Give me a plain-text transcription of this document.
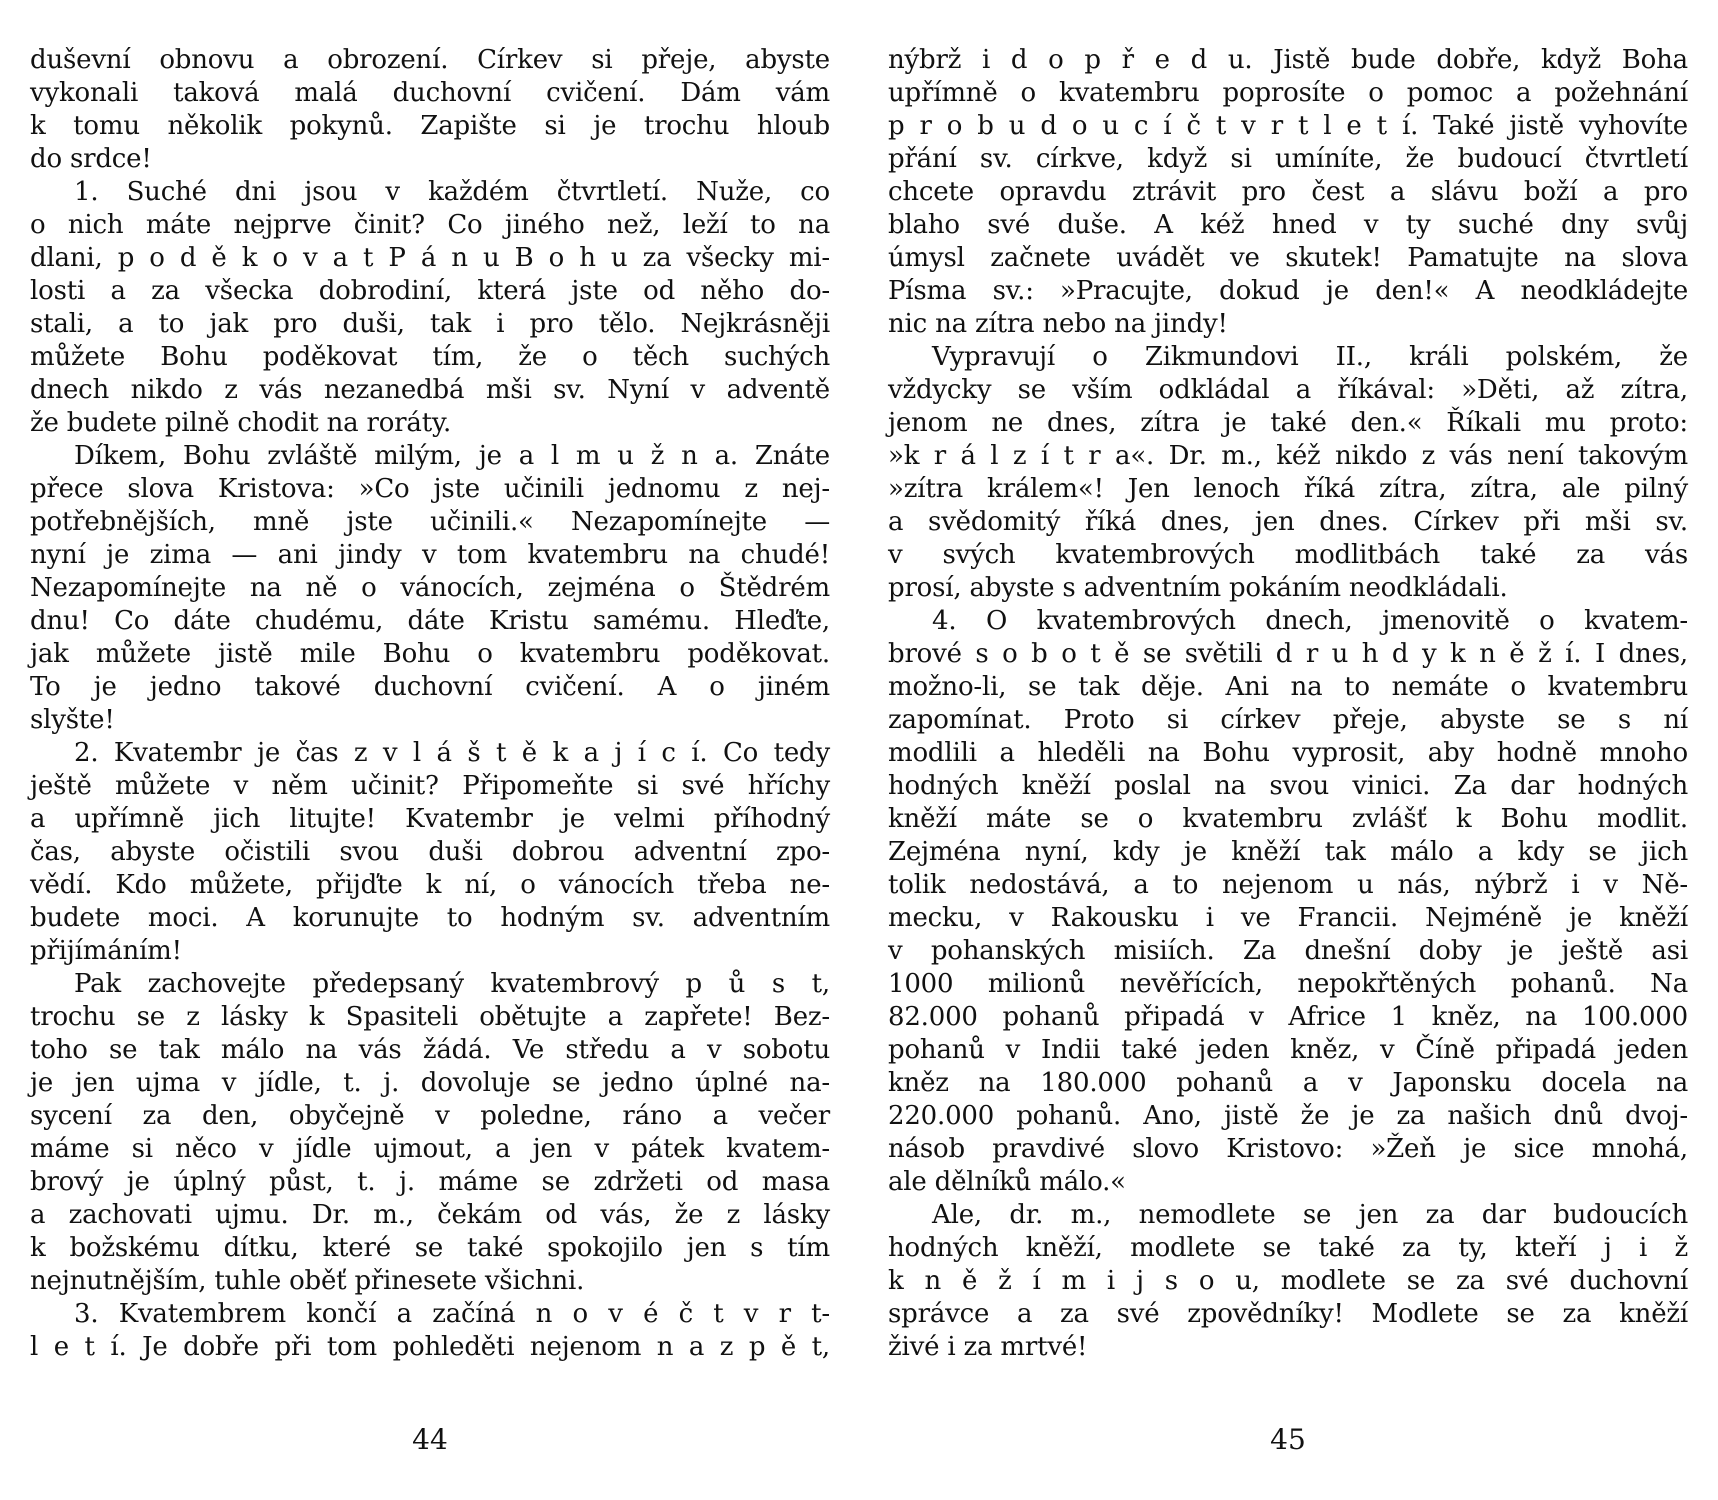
duševní obnovu a obrození. Církev si přeje, abyste
vykonali taková malá duchovní cvičení. Dám vám
k tomu několik pokynů. Zapište si je trochu hloub
do srdce!
1. Suché dni jsou v každém čtvrtletí. Nuže, co
o nich máte nejprve činit? Co jiného než, leží to na
dlani, p o d ě k o v a t P á n u B o h u za všecky mi-
losti a za všecka dobrodiní, která jste od něho do-
stali, a to jak pro duši, tak i pro tělo. Nejkrásněji
můžete Bohu poděkovat tím, že o těch suchých
dnech nikdo z vás nezanedbá mši sv. Nyní v adventě
že budete pilně chodit na roráty.
Díkem, Bohu zvláště milým, je a l m u ž n a. Znáte
přece slova Kristova: »Co jste učinili jednomu z nej-
potřebnějších, mně jste učinili.« Nezapomínejte —
nyní je zima — ani jindy v tom kvatembru na chudé!
Nezapomínejte na ně o vánocích, zejména o Štědrém
dnu! Co dáte chudému, dáte Kristu samému. Hleďte,
jak můžete jistě mile Bohu o kvatembru poděkovat.
To je jedno takové duchovní cvičení. A o jiném
slyšte!
2. Kvatembr je čas z v l á š t ě k a j í c í. Co tedy
ještě můžete v něm učinit? Připomeňte si své hříchy
a upřímně jich litujte! Kvatembr je velmi příhodný
čas, abyste očistili svou duši dobrou adventní zpo-
vědí. Kdo můžete, přijďte k ní, o vánocích třeba ne-
budete moci. A korunujte to hodným sv. adventním
přijímáním!
Pak zachovejte předepsaný kvatembrový p ů s t,
trochu se z lásky k Spasiteli obětujte a zapřete! Bez-
toho se tak málo na vás žádá. Ve středu a v sobotu
je jen ujma v jídle, t. j. dovoluje se jedno úplné na-
sycení za den, obyčejně v poledne, ráno a večer
máme si něco v jídle ujmout, a jen v pátek kvatem-
brový je úplný půst, t. j. máme se zdržeti od masa
a zachovati ujmu. Dr. m., čekám od vás, že z lásky
k božskému dítku, které se také spokojilo jen s tím
nejnutnějším, tuhle oběť přinesete všichni.
3. Kvatembrem končí a začíná n o v é č t v r t-
l e t í. Je dobře při tom pohleděti nejenom n a z p ě t,
44
nýbrž i d o p ř e d u. Jistě bude dobře, když Boha
upřímně o kvatembru poprosíte o pomoc a požehnání
p r o b u d o u c í č t v r t l e t í. Také jistě vyhovíte
přání sv. církve, když si umíníte, že budoucí čtvrtletí
chcete opravdu ztrávit pro čest a slávu boží a pro
blaho své duše. A kéž hned v ty suché dny svůj
úmysl začnete uvádět ve skutek! Pamatujte na slova
Písma sv.: »Pracujte, dokud je den!« A neodkládejte
nic na zítra nebo na jindy!
Vypravují o Zikmundovi II., králi polském, že
vždycky se vším odkládal a říkával: »Děti, až zítra,
jenom ne dnes, zítra je také den.« Říkali mu proto:
»k r á l z í t r a«. Dr. m., kéž nikdo z vás není takovým
»zítra králem«! Jen lenoch říká zítra, zítra, ale pilný
a svědomitý říká dnes, jen dnes. Církev při mši sv.
v svých kvatembrových modlitbách také za vás
prosí, abyste s adventním pokáním neodkládali.
4. O kvatembrových dnech, jmenovitě o kvatem-
brové s o b o t ě se světili d r u h d y k n ě ž í. I dnes,
možno-li, se tak děje. Ani na to nemáte o kvatembru
zapomínat. Proto si církev přeje, abyste se s ní
modlili a hleděli na Bohu vyprosit, aby hodně mnoho
hodných kněží poslal na svou vinici. Za dar hodných
kněží máte se o kvatembru zvlášť k Bohu modlit.
Zejména nyní, kdy je kněží tak málo a kdy se jich
tolik nedostává, a to nejenom u nás, nýbrž i v Ně-
mecku, v Rakousku i ve Francii. Nejméně je kněží
v pohanských misiích. Za dnešní doby je ještě asi
1000 milionů nevěřících, nepokřtěných pohanů. Na
82.000 pohanů připadá v Africe 1 kněz, na 100.000
pohanů v Indii také jeden kněz, v Číně připadá jeden
kněz na 180.000 pohanů a v Japonsku docela na
220.000 pohanů. Ano, jistě že je za našich dnů dvoj-
násob pravdivé slovo Kristovo: »Žeň je sice mnohá,
ale dělníků málo.«
Ale, dr. m., nemodlete se jen za dar budoucích
hodných kněží, modlete se také za ty, kteří j i ž
k n ě ž í m i j s o u, modlete se za své duchovní
správce a za své zpovědníky! Modlete se za kněží
živé i za mrtvé!
45
